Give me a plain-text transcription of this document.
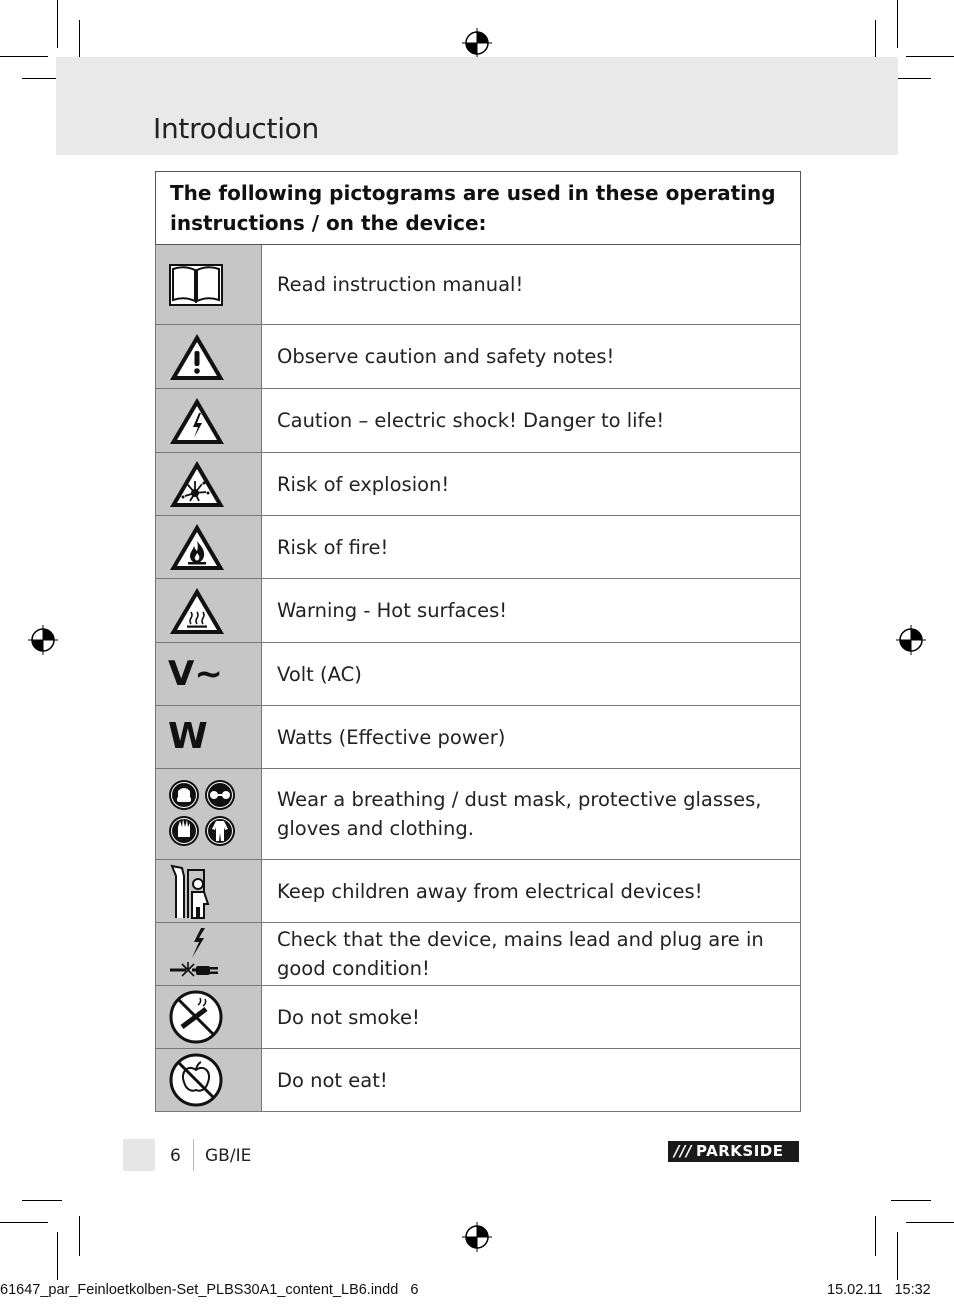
Introduction
The following pictograms are used in these operating instructions / on the device:	

	Read instruction manual!

	Observe caution and safety notes!

	Caution – electric shock! Danger to life!

	Risk of explosion!

	Risk of fire!

	Warning - Hot surfaces!

V~	Volt (AC)

W	Watts (Effective power)

	Wear a breathing / dust mask, protective glasses, gloves and clothing.

	Keep children away from electrical devices!

	Check that the device, mains lead and plug are in good condition!

	Do not smoke!

	Do not eat!
6 GB/IE	/// PARKSIDE
61647_par_Feinloetkolben-Set_PLBS30A1_content_LB6.indd   6	15.02.11   15:32
